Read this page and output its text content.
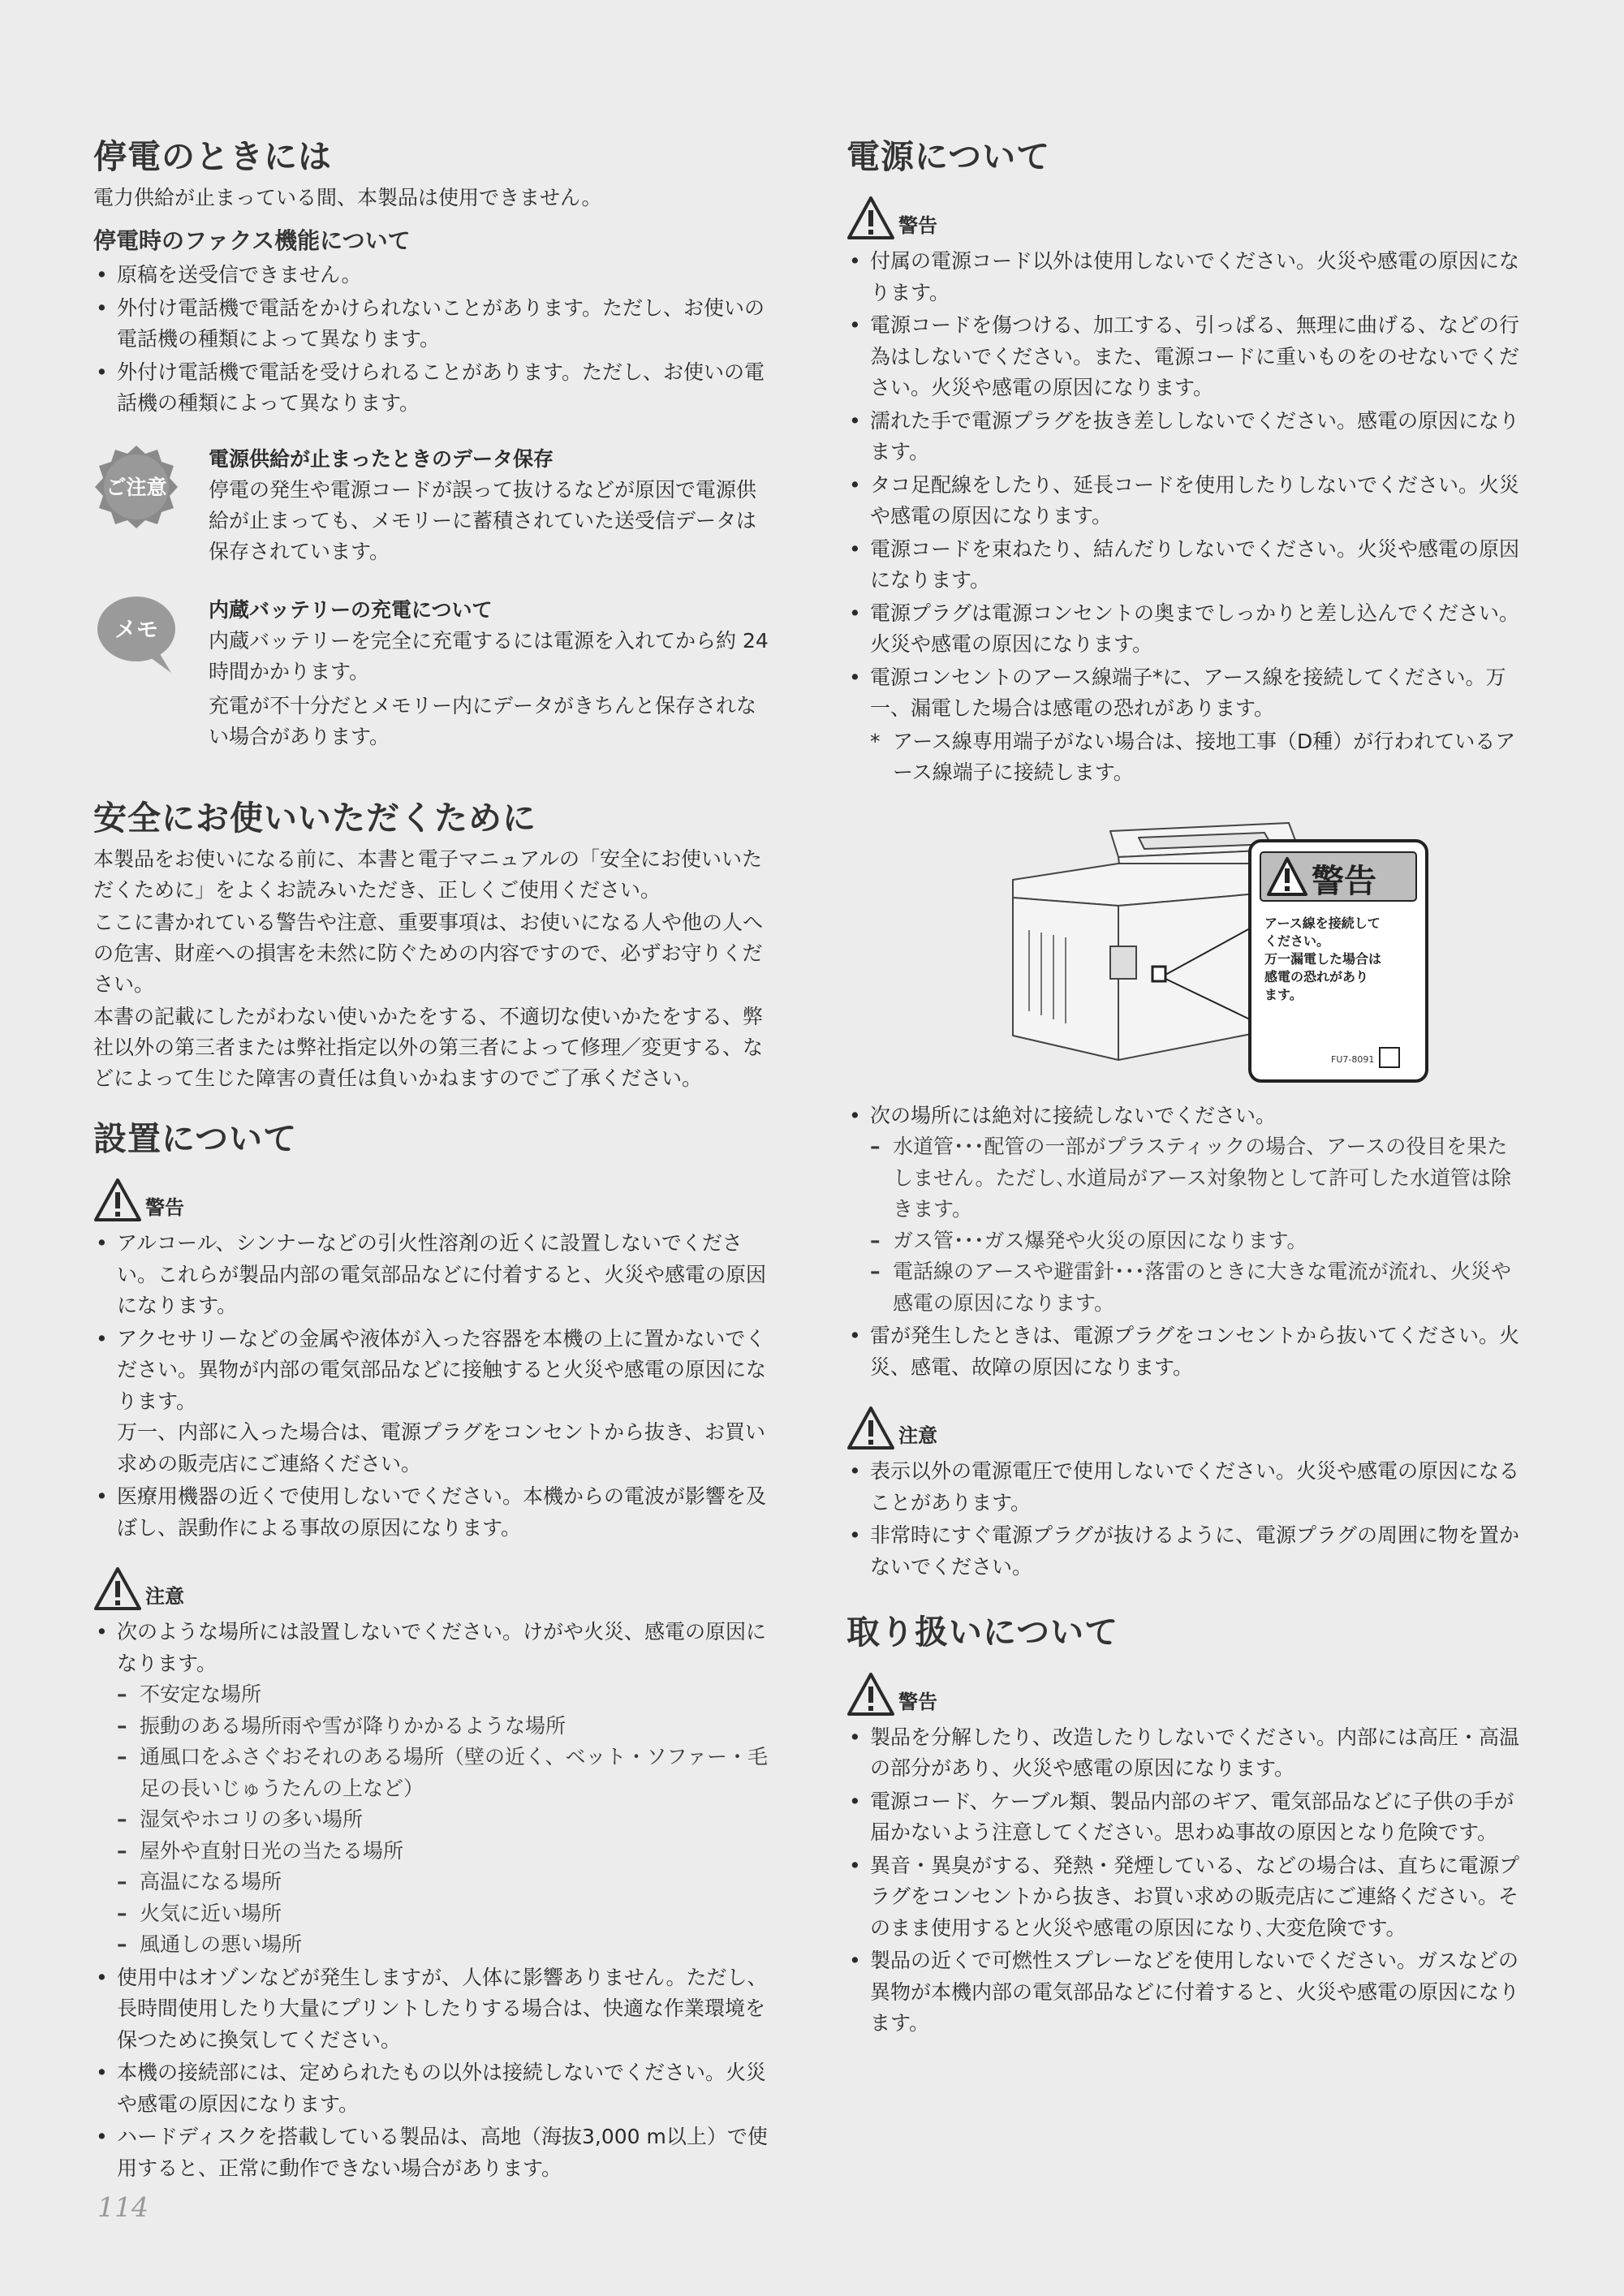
停電のときには

電力供給が止まっている間、本製品は使用できません。

停電時のファクス機能について
• 原稿を送受信できません。
• 外付け電話機で電話をかけられないことがあります。ただし、お使いの電話機の種類によって異なります。
• 外付け電話機で電話を受けられることがあります。ただし、お使いの電話機の種類によって異なります。
ご注意
電源供給が止まったときのデータ保存

停電の発生や電源コードが誤って抜けるなどが原因で電源供給が止まっても、メモリーに蓄積されていた送受信データは保存されています。

メモ
内蔵バッテリーの充電について

内蔵バッテリーを完全に充電するには電源を入れてから約 24 時間かかります。

充電が不十分だとメモリー内にデータがきちんと保存されない場合があります。

安全にお使いいただくために

本製品をお使いになる前に、本書と電子マニュアルの「安全にお使いいただくために」をよくお読みいただき、正しくご使用ください。

ここに書かれている警告や注意、重要事項は、お使いになる人や他の人への危害、財産への損害を未然に防ぐための内容ですので、必ずお守りください。

本書の記載にしたがわない使いかたをする、不適切な使いかたをする、弊社以外の第三者または弊社指定以外の第三者によって修理／変更する、などによって生じた障害の責任は負いかねますのでご了承ください。

設置について
警告
• アルコール、シンナーなどの引火性溶剤の近くに設置しないでください。これらが製品内部の電気部品などに付着すると、火災や感電の原因になります。
• アクセサリーなどの金属や液体が入った容器を本機の上に置かないでください。異物が内部の電気部品などに接触すると火災や感電の原因になります。
万一、内部に入った場合は、電源プラグをコンセントから抜き、お買い求めの販売店にご連絡ください。
• 医療用機器の近くで使用しないでください。本機からの電波が影響を及ぼし、誤動作による事故の原因になります。
注意
• 次のような場所には設置しないでください。けがや火災、感電の原因になります。
– 不安定な場所
– 振動のある場所雨や雪が降りかかるような場所
– 通風口をふさぐおそれのある場所（壁の近く、ベット・ソファー・毛足の長いじゅうたんの上など）
– 湿気やホコリの多い場所
– 屋外や直射日光の当たる場所
– 高温になる場所
– 火気に近い場所
– 風通しの悪い場所
• 使用中はオゾンなどが発生しますが、人体に影響ありません。ただし、長時間使用したり大量にプリントしたりする場合は、快適な作業環境を保つために換気してください。
• 本機の接続部には、定められたもの以外は接続しないでください。火災や感電の原因になります。
• ハードディスクを搭載している製品は、高地（海抜3,000 m以上）で使用すると、正常に動作できない場合があります。
電源について
警告
• 付属の電源コード以外は使用しないでください。火災や感電の原因になります。
• 電源コードを傷つける、加工する、引っぱる、無理に曲げる、などの行為はしないでください。また、電源コードに重いものをのせないでください。火災や感電の原因になります。
• 濡れた手で電源プラグを抜き差ししないでください。感電の原因になります。
• タコ足配線をしたり、延長コードを使用したりしないでください。火災や感電の原因になります。
• 電源コードを束ねたり、結んだりしないでください。火災や感電の原因になります。
• 電源プラグは電源コンセントの奥までしっかりと差し込んでください。火災や感電の原因になります。
• 電源コンセントのアース線端子*に、アース線を接続してください。万一、漏電した場合は感電の恐れがあります。
* アース線専用端子がない場合は、接地工事（D種）が行われているアース線端子に接続します。
警告
アース線を接続して
ください。
万一漏電した場合は
感電の恐れがあり
ます。
FU7-8091
• 次の場所には絶対に接続しないでください。
– 水道管･･･配管の一部がプラスティックの場合、アースの役目を果たしません。ただし､水道局がアース対象物として許可した水道管は除きます。
– ガス管･･･ガス爆発や火災の原因になります。
– 電話線のアースや避雷針･･･落雷のときに大きな電流が流れ、火災や感電の原因になります。
• 雷が発生したときは、電源プラグをコンセントから抜いてください。火災、感電、故障の原因になります。
注意
• 表示以外の電源電圧で使用しないでください。火災や感電の原因になることがあります。
• 非常時にすぐ電源プラグが抜けるように、電源プラグの周囲に物を置かないでください。
取り扱いについて
警告
• 製品を分解したり、改造したりしないでください。内部には高圧・高温の部分があり、火災や感電の原因になります。
• 電源コード、ケーブル類、製品内部のギア、電気部品などに子供の手が届かないよう注意してください。思わぬ事故の原因となり危険です。
• 異音・異臭がする、発熱・発煙している、などの場合は、直ちに電源プラグをコンセントから抜き、お買い求めの販売店にご連絡ください。そのまま使用すると火災や感電の原因になり､大変危険です。
• 製品の近くで可燃性スプレーなどを使用しないでください。ガスなどの異物が本機内部の電気部品などに付着すると、火災や感電の原因になります。
114
